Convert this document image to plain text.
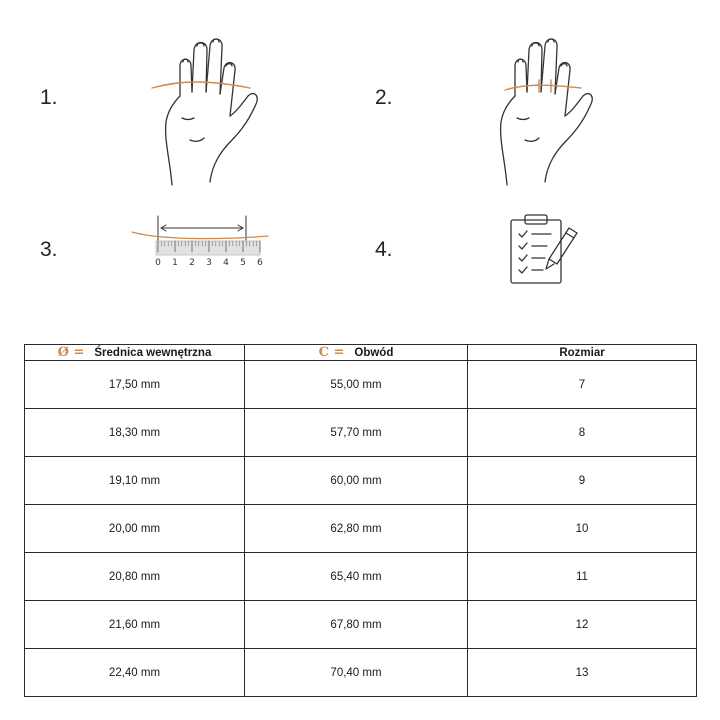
1.	2.
3.	4.
0 1 2 3 4 5 6
Ø = Średnica wewnętrzna	C = Obwód	Rozmiar
17,50 mm	55,00 mm	7
18,30 mm	57,70 mm	8
19,10 mm	60,00 mm	9
20,00 mm	62,80 mm	10
20,80 mm	65,40 mm	11
21,60 mm	67,80 mm	12
22,40 mm	70,40 mm	13
